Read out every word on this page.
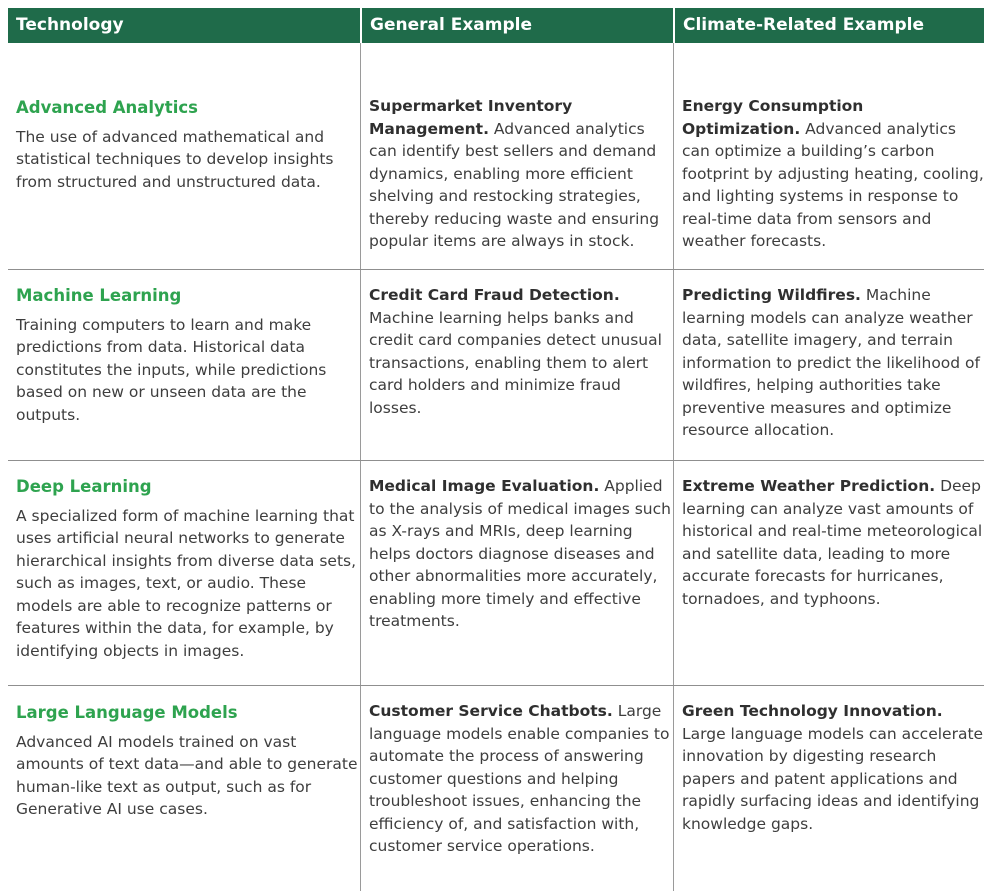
Technology	General Example	Climate-Related Example
Advanced Analytics
The use of advanced mathematical and statistical techniques to develop insights from structured and unstructured data.
Supermarket Inventory Management. Advanced analytics can identify best sellers and demand dynamics, enabling more efficient shelving and restocking strategies, thereby reducing waste and ensuring popular items are always in stock.
Energy Consumption Optimization. Advanced analytics can optimize a building’s carbon footprint by adjusting heating, cooling, and lighting systems in response to real-time data from sensors and weather forecasts.
Machine Learning
Training computers to learn and make predictions from data. Historical data constitutes the inputs, while predictions based on new or unseen data are the outputs.
Credit Card Fraud Detection. Machine learning helps banks and credit card companies detect unusual transactions, enabling them to alert card holders and minimize fraud losses.
Predicting Wildfires. Machine learning models can analyze weather data, satellite imagery, and terrain information to predict the likelihood of wildfires, helping authorities take preventive measures and optimize resource allocation.
Deep Learning
A specialized form of machine learning that uses artificial neural networks to generate hierarchical insights from diverse data sets, such as images, text, or audio. These models are able to recognize patterns or features within the data, for example, by identifying objects in images.
Medical Image Evaluation. Applied to the analysis of medical images such as X-rays and MRIs, deep learning helps doctors diagnose diseases and other abnormalities more accurately, enabling more timely and effective treatments.
Extreme Weather Prediction. Deep learning can analyze vast amounts of historical and real-time meteorological and satellite data, leading to more accurate forecasts for hurricanes, tornadoes, and typhoons.
Large Language Models
Advanced AI models trained on vast amounts of text data—and able to generate human-like text as output, such as for Generative AI use cases.
Customer Service Chatbots. Large language models enable companies to automate the process of answering customer questions and helping troubleshoot issues, enhancing the efficiency of, and satisfaction with, customer service operations.
Green Technology Innovation. Large language models can accelerate innovation by digesting research papers and patent applications and rapidly surfacing ideas and identifying knowledge gaps.
